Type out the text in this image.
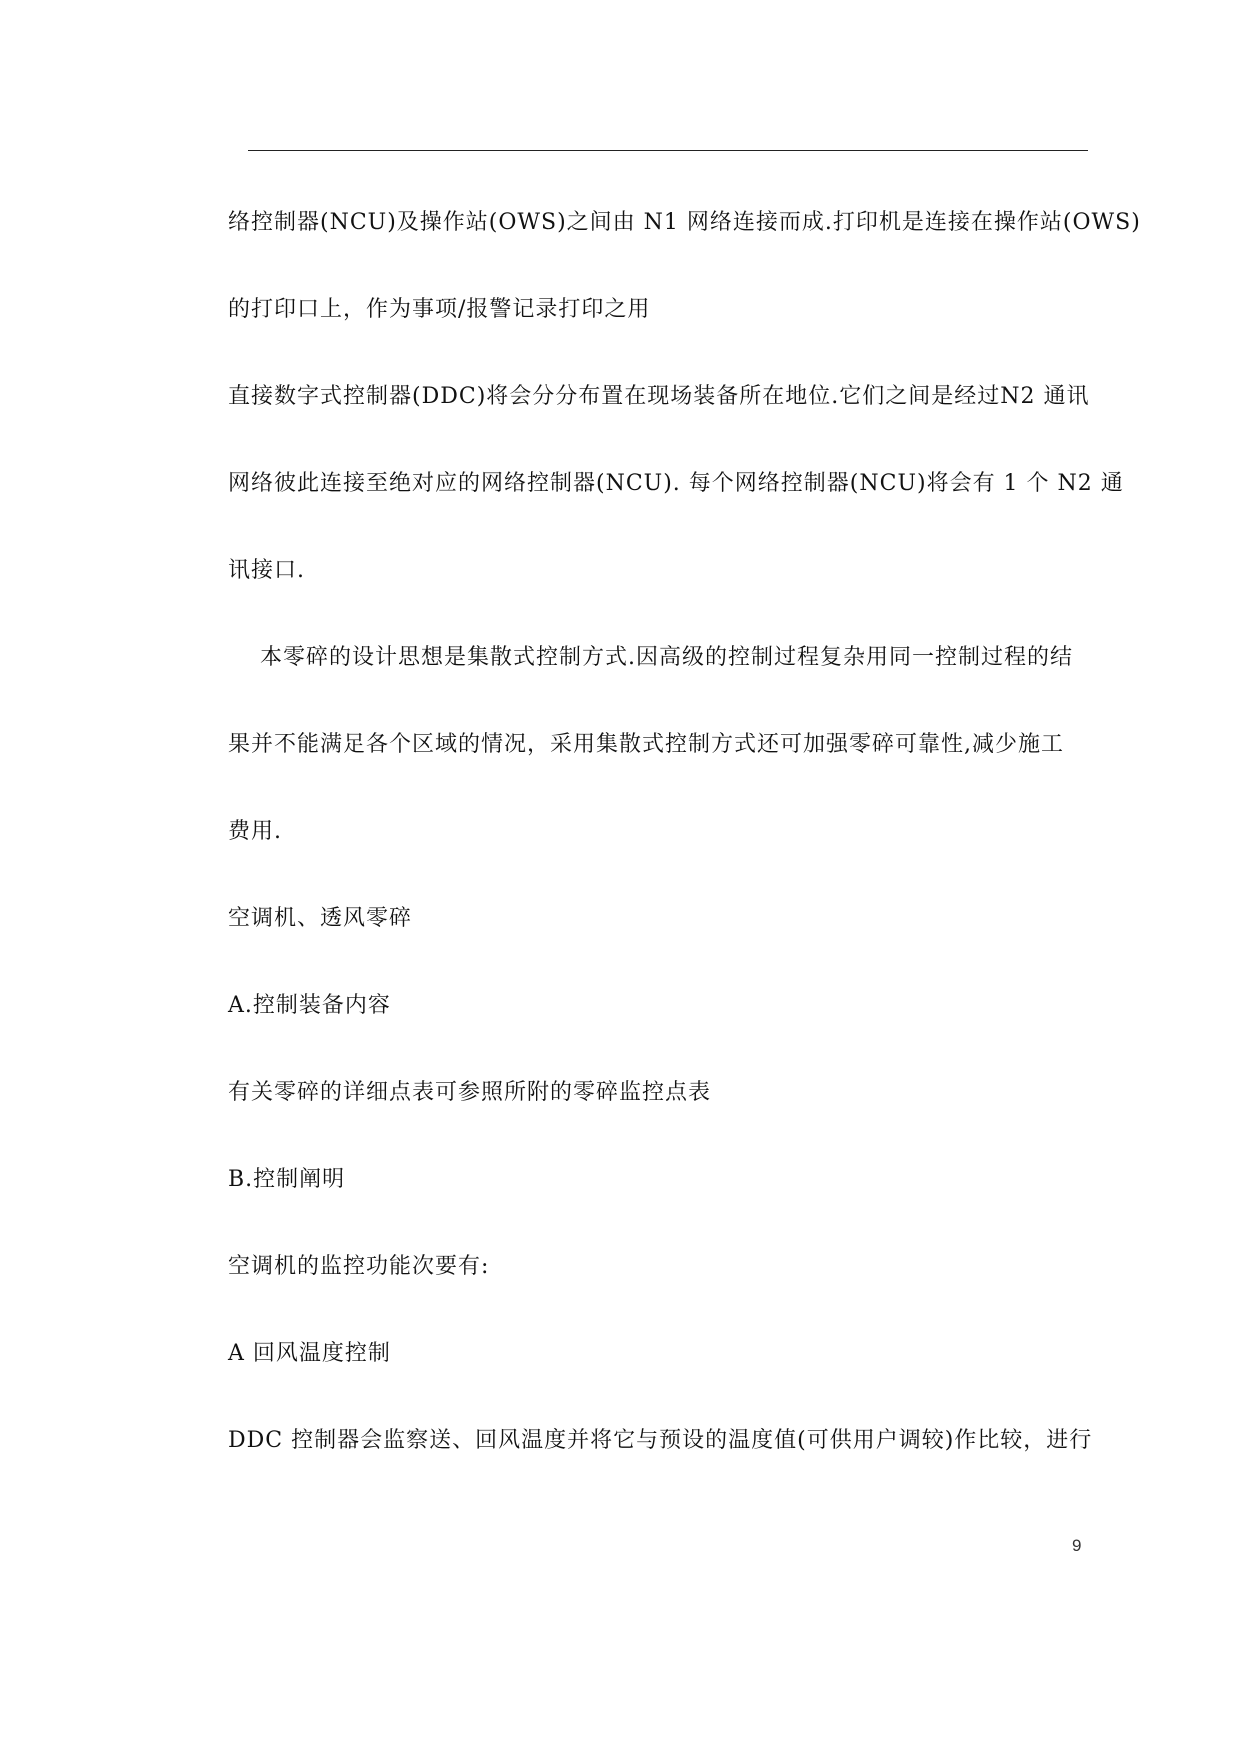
络控制器(NCU)及操作站(OWS)之间由 N1 网络连接而成.打印机是连接在操作站(OWS)
的打印口上，作为事项/报警记录打印之用
直接数字式控制器(DDC)将会分分布置在现场装备所在地位.它们之间是经过N2 通讯
网络彼此连接至绝对应的网络控制器(NCU). 每个网络控制器(NCU)将会有 1 个 N2 通
讯接口.
本零碎的设计思想是集散式控制方式.因高级的控制过程复杂用同一控制过程的结
果并不能满足各个区域的情况，采用集散式控制方式还可加强零碎可靠性,减少施工
费用.
空调机、透风零碎
A.控制装备内容
有关零碎的详细点表可参照所附的零碎监控点表
B.控制阐明
空调机的监控功能次要有:
A 回风温度控制
DDC 控制器会监察送、回风温度并将它与预设的温度值(可供用户调较)作比较，进行
9
